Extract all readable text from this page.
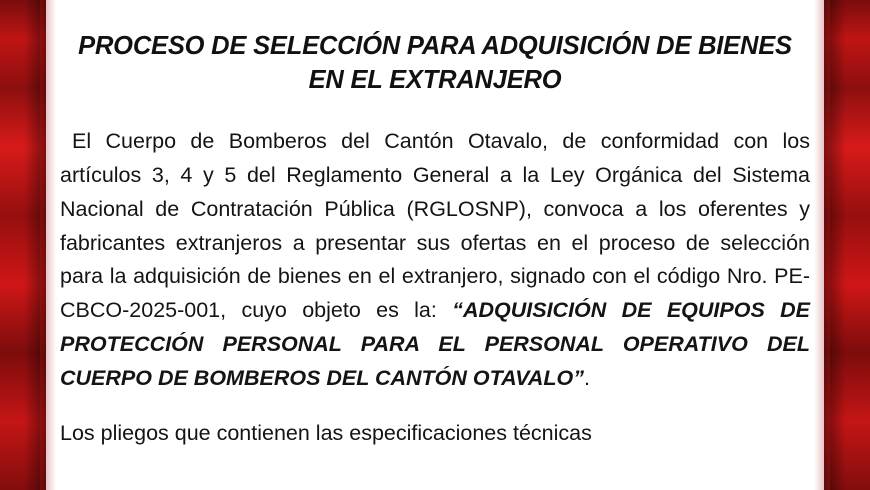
PROCESO DE SELECCIÓN PARA ADQUISICIÓN DE BIENES EN EL EXTRANJERO

El Cuerpo de Bomberos del Cantón Otavalo, de conformidad con los artículos 3, 4 y 5 del Reglamento General a la Ley Orgánica del Sistema Nacional de Contratación Pública (RGLOSNP), convoca a los oferentes y fabricantes extranjeros a presentar sus ofertas en el proceso de selección para la adquisición de bienes en el extranjero, signado con el código Nro. PE-CBCO-2025-001, cuyo objeto es la: “ADQUISICIÓN DE EQUIPOS DE PROTECCIÓN PERSONAL PARA EL PERSONAL OPERATIVO DEL CUERPO DE BOMBEROS DEL CANTÓN OTAVALO”.

Los pliegos que contienen las especificaciones técnicas
